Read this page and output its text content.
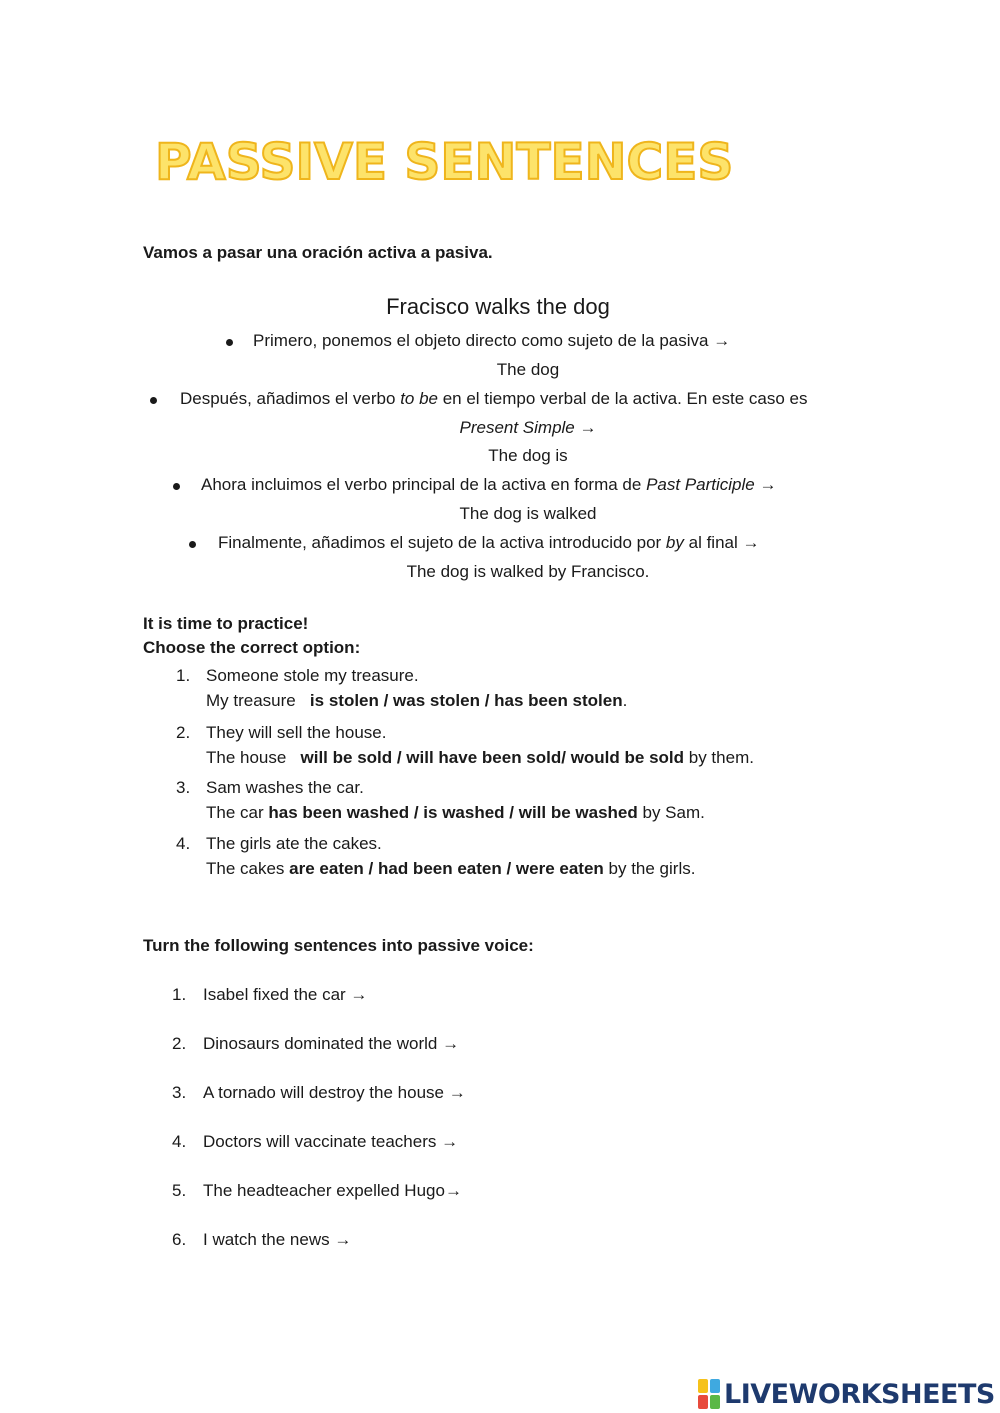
PASSIVE SENTENCES
Vamos a pasar una oración activa a pasiva.
Fracisco walks the dog
Primero, ponemos el objeto directo como sujeto de la pasiva →
The dog
Después, añadimos el verbo to be en el tiempo verbal de la activa. En este caso es
Present Simple →
The dog is
Ahora incluimos el verbo principal de la activa en forma de Past Participle →
The dog is walked
Finalmente, añadimos el sujeto de la activa introducido por by al final →
The dog is walked by Francisco.
It is time to practice!
Choose the correct option:
1. Someone stole my treasure.
My treasure   is stolen / was stolen / has been stolen.
2. They will sell the house.
The house   will be sold / will have been sold/ would be sold by them.
3. Sam washes the car.
The car has been washed / is washed / will be washed by Sam.
4. The girls ate the cakes.
The cakes are eaten / had been eaten / were eaten by the girls.
Turn the following sentences into passive voice:
1. Isabel fixed the car →
2. Dinosaurs dominated the world →
3. A tornado will destroy the house →
4. Doctors will vaccinate teachers →
5. The headteacher expelled Hugo→
6. I watch the news →
LIVEWORKSHEETS
